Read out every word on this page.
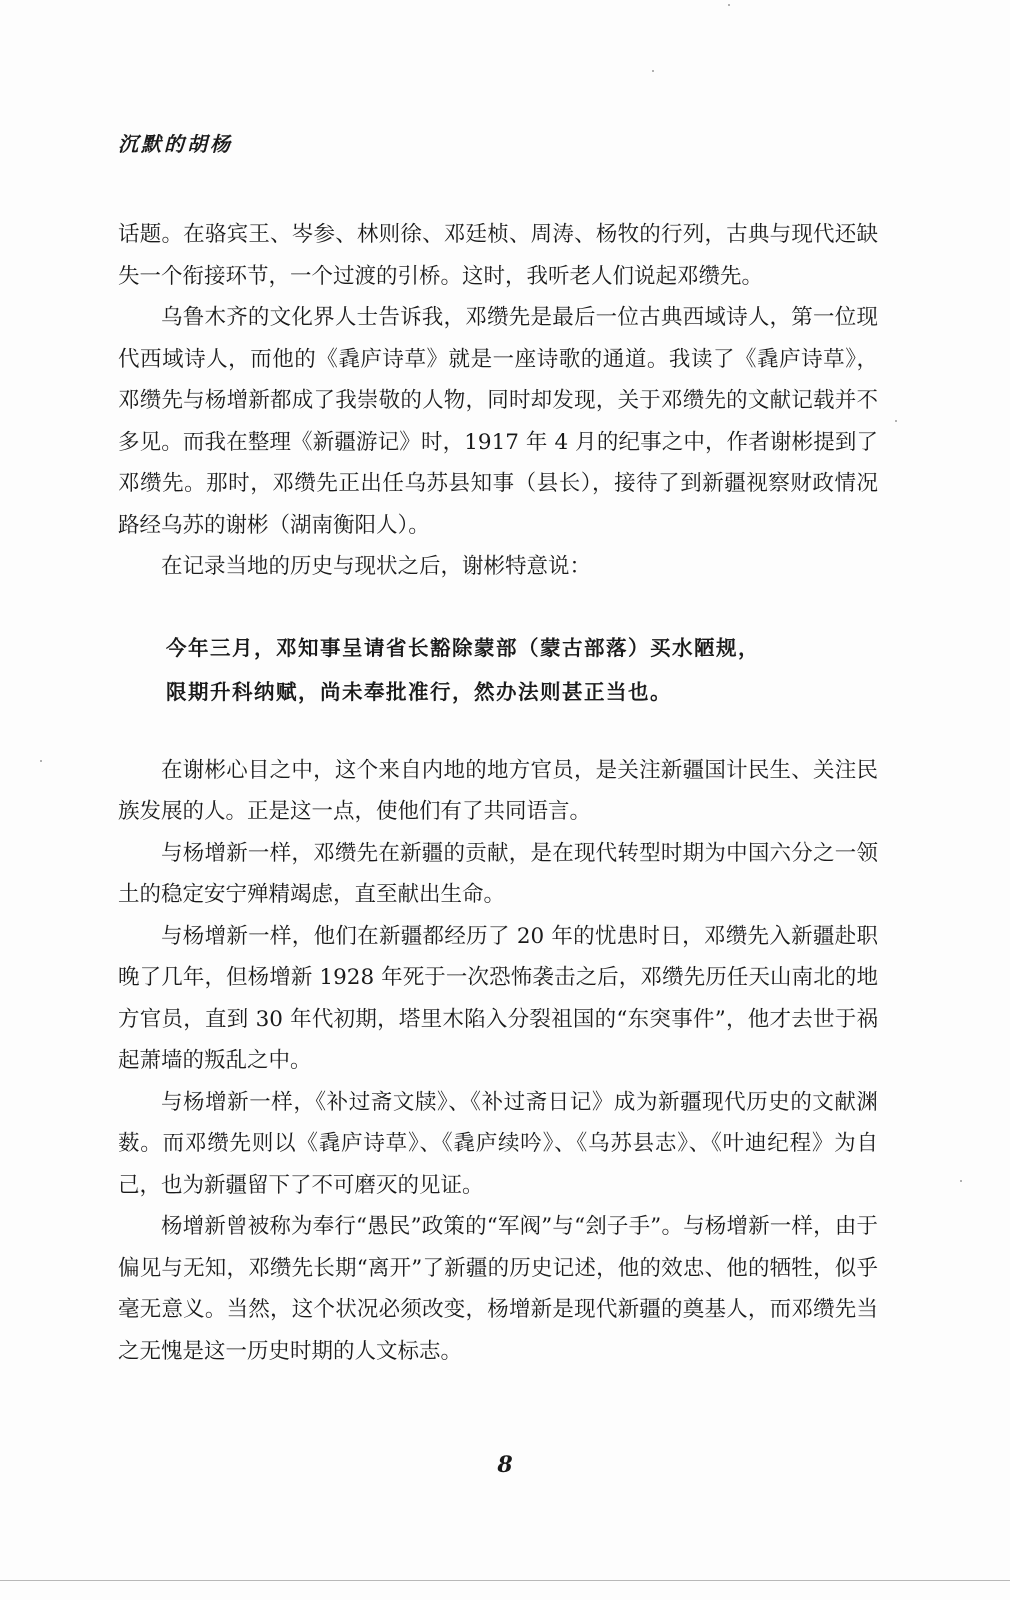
沉默的胡杨

话题。在骆宾王、岑参、林则徐、邓廷桢、周涛、杨牧的行列，古典与现代还缺失一个衔接环节，一个过渡的引桥。这时，我听老人们说起邓缵先。

乌鲁木齐的文化界人士告诉我，邓缵先是最后一位古典西域诗人，第一位现代西域诗人，而他的《毳庐诗草》就是一座诗歌的通道。我读了《毳庐诗草》，邓缵先与杨增新都成了我崇敬的人物，同时却发现，关于邓缵先的文献记载并不多见。而我在整理《新疆游记》时，1917 年 4 月的纪事之中，作者谢彬提到了邓缵先。那时，邓缵先正出任乌苏县知事（县长），接待了到新疆视察财政情况路经乌苏的谢彬（湖南衡阳人）。

在记录当地的历史与现状之后，谢彬特意说：

今年三月，邓知事呈请省长豁除蒙部（蒙古部落）买水陋规，
限期升科纳赋，尚未奉批准行，然办法则甚正当也。

在谢彬心目之中，这个来自内地的地方官员，是关注新疆国计民生、关注民族发展的人。正是这一点，使他们有了共同语言。

与杨增新一样，邓缵先在新疆的贡献，是在现代转型时期为中国六分之一领土的稳定安宁殚精竭虑，直至献出生命。

与杨增新一样，他们在新疆都经历了 20 年的忧患时日，邓缵先入新疆赴职晚了几年，但杨增新 1928 年死于一次恐怖袭击之后，邓缵先历任天山南北的地方官员，直到 30 年代初期，塔里木陷入分裂祖国的“东突事件”，他才去世于祸起萧墙的叛乱之中。

与杨增新一样，《补过斋文牍》、《补过斋日记》成为新疆现代历史的文献渊薮。而邓缵先则以《毳庐诗草》、《毳庐续吟》、《乌苏县志》、《叶迪纪程》为自己，也为新疆留下了不可磨灭的见证。

杨增新曾被称为奉行“愚民”政策的“军阀”与“刽子手”。与杨增新一样，由于偏见与无知，邓缵先长期“离开”了新疆的历史记述，他的效忠、他的牺牲，似乎毫无意义。当然，这个状况必须改变，杨增新是现代新疆的奠基人，而邓缵先当之无愧是这一历史时期的人文标志。

8
